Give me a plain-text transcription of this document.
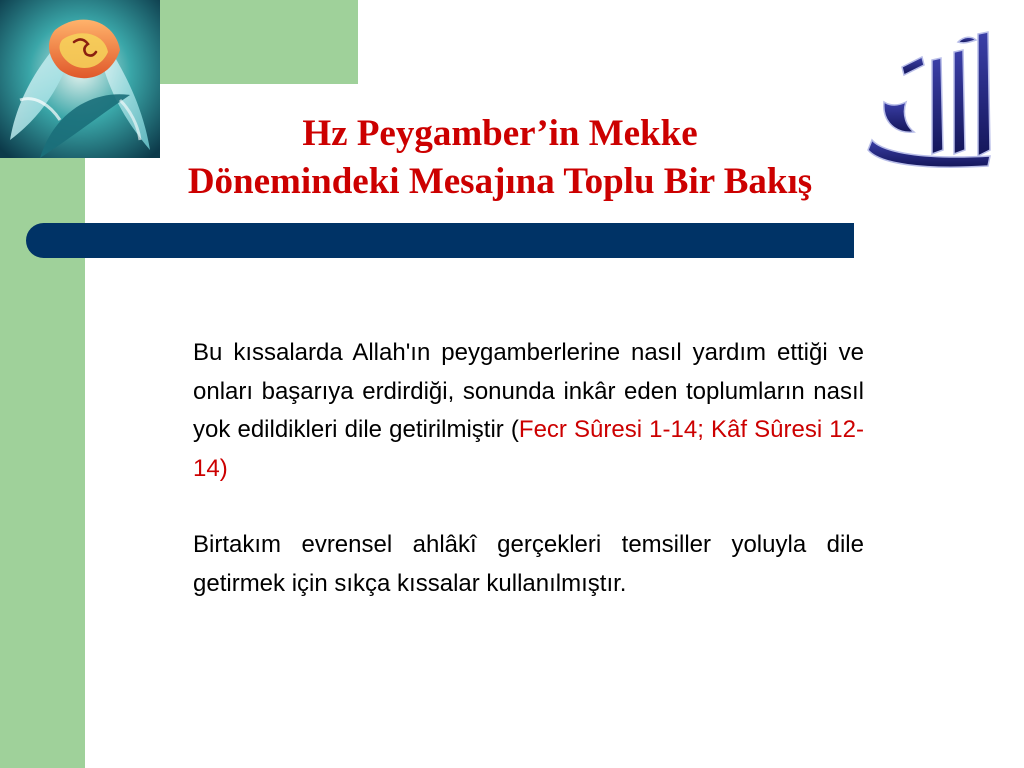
Hz Peygamber’in Mekke
Dönemindeki Mesajına Toplu Bir Bakış

Bu kıssalarda Allah'ın peygamberlerine nasıl yardım ettiği ve onları başarıya erdirdiği, sonunda inkâr eden toplumların nasıl yok edildikleri dile getirilmiştir (Fecr Sûresi 1-14; Kâf Sûresi 12-14)

Birtakım evrensel ahlâkî gerçekleri temsiller yoluyla dile getirmek için sıkça kıssalar kullanılmıştır.
